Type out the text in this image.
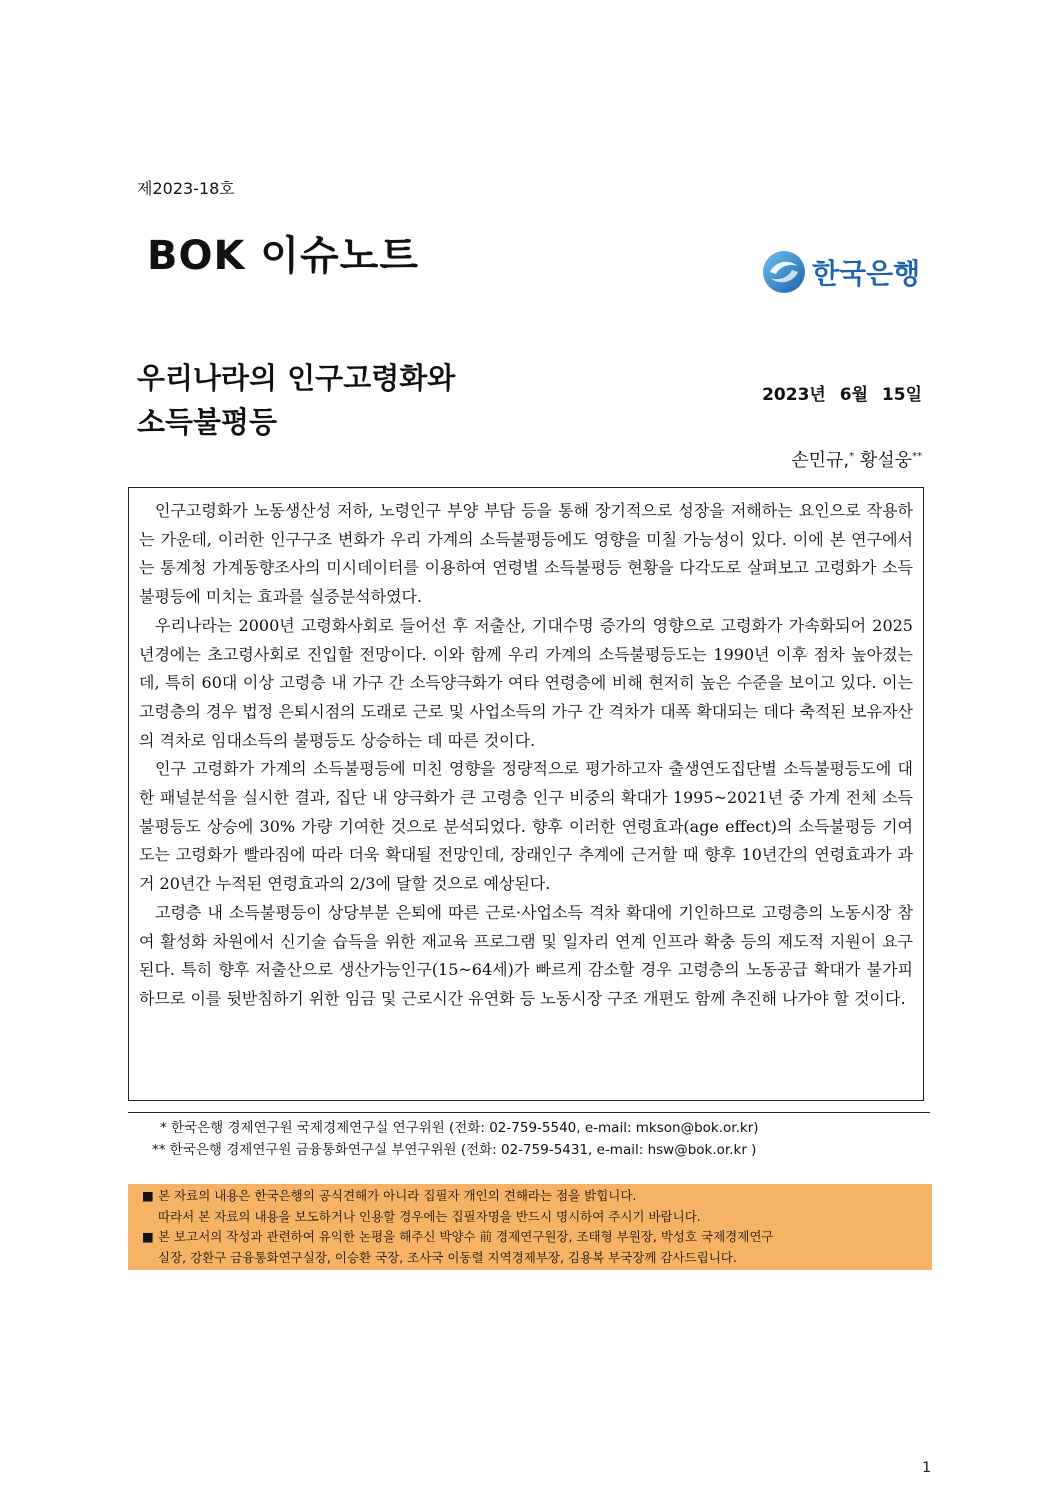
제2023-18호
BOK 이슈노트	한국은행
우리나라의 인구고령화와
소득불평등
2023년 6월 15일
손민규,* 황설웅**

인구고령화가 노동생산성 저하, 노령인구 부양 부담 등을 통해 장기적으로 성장을 저해하는 요인으로 작용하는 가운데, 이러한 인구구조 변화가 우리 가계의 소득불평등에도 영향을 미칠 가능성이 있다. 이에 본 연구에서는 통계청 가계동향조사의 미시데이터를 이용하여 연령별 소득불평등 현황을 다각도로 살펴보고 고령화가 소득불평등에 미치는 효과를 실증분석하였다.

우리나라는 2000년 고령화사회로 들어선 후 저출산, 기대수명 증가의 영향으로 고령화가 가속화되어 2025년경에는 초고령사회로 진입할 전망이다. 이와 함께 우리 가계의 소득불평등도는 1990년 이후 점차 높아졌는데, 특히 60대 이상 고령층 내 가구 간 소득양극화가 여타 연령층에 비해 현저히 높은 수준을 보이고 있다. 이는 고령층의 경우 법정 은퇴시점의 도래로 근로 및 사업소득의 가구 간 격차가 대폭 확대되는 데다 축적된 보유자산의 격차로 임대소득의 불평등도 상승하는 데 따른 것이다.

인구 고령화가 가계의 소득불평등에 미친 영향을 정량적으로 평가하고자 출생연도집단별 소득불평등도에 대한 패널분석을 실시한 결과, 집단 내 양극화가 큰 고령층 인구 비중의 확대가 1995~2021년 중 가계 전체 소득불평등도 상승에 30% 가량 기여한 것으로 분석되었다. 향후 이러한 연령효과(age effect)의 소득불평등 기여도는 고령화가 빨라짐에 따라 더욱 확대될 전망인데, 장래인구 추계에 근거할 때 향후 10년간의 연령효과가 과거 20년간 누적된 연령효과의 2/3에 달할 것으로 예상된다.

고령층 내 소득불평등이 상당부분 은퇴에 따른 근로·사업소득 격차 확대에 기인하므로 고령층의 노동시장 참여 활성화 차원에서 신기술 습득을 위한 재교육 프로그램 및 일자리 연계 인프라 확충 등의 제도적 지원이 요구된다. 특히 향후 저출산으로 생산가능인구(15~64세)가 빠르게 감소할 경우 고령층의 노동공급 확대가 불가피하므로 이를 뒷받침하기 위한 임금 및 근로시간 유연화 등 노동시장 구조 개편도 함께 추진해 나가야 할 것이다.

* 한국은행 경제연구원 국제경제연구실 연구위원 (전화: 02-759-5540, e-mail: mkson@bok.or.kr)
** 한국은행 경제연구원 금융통화연구실 부연구위원 (전화: 02-759-5431, e-mail: hsw@bok.or.kr )
■ 본 자료의 내용은 한국은행의 공식견해가 아니라 집필자 개인의 견해라는 점을 밝힙니다.
따라서 본 자료의 내용을 보도하거나 인용할 경우에는 집필자명을 반드시 명시하여 주시기 바랍니다.
■ 본 보고서의 작성과 관련하여 유익한 논평을 해주신 박양수 前 경제연구원장, 조태형 부원장, 박성호 국제경제연구
실장, 강환구 금융통화연구실장, 이승환 국장, 조사국 이동렬 지역경제부장, 김용복 부국장께 감사드립니다.
1
